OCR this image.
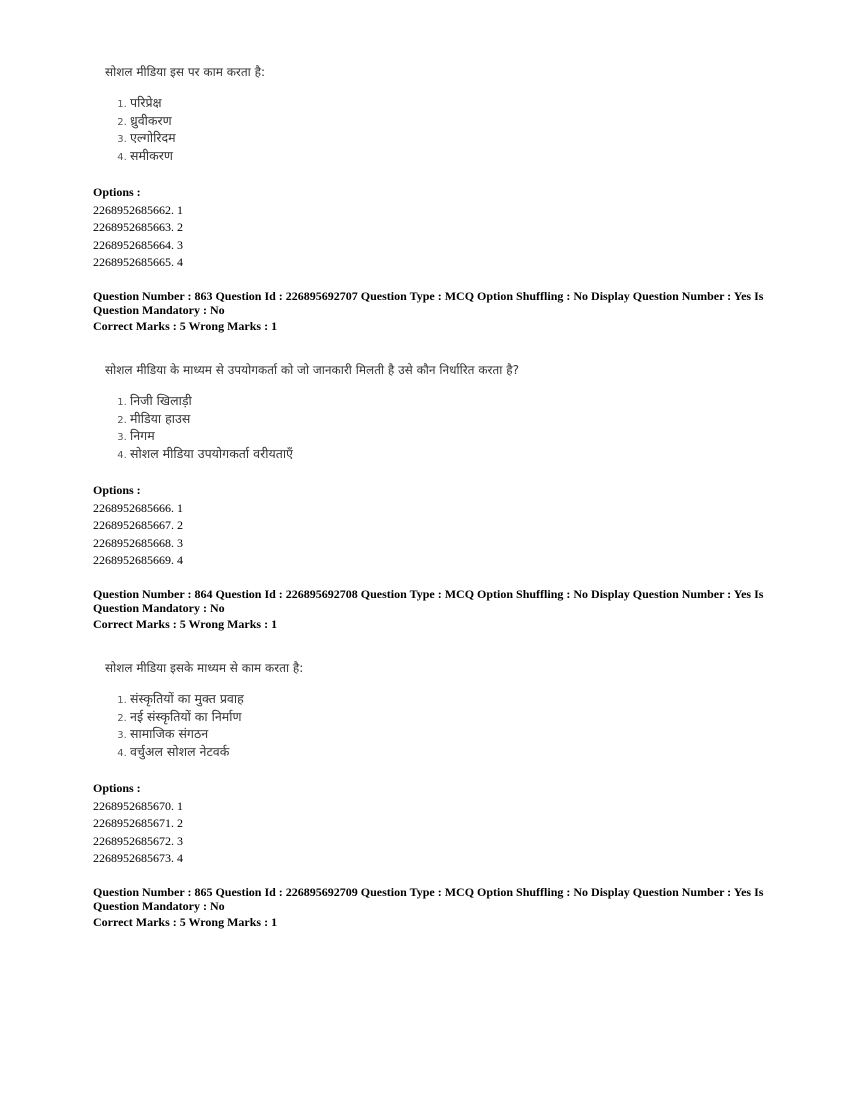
सोशल मीडिया इस पर काम करता है:

1. परिप्रेक्ष
2. ध्रुवीकरण
3. एल्गोरिदम
4. समीकरण
Options :
2268952685662. 1
2268952685663. 2
2268952685664. 3
2268952685665. 4
Question Number : 863 Question Id : 226895692707 Question Type : MCQ Option Shuffling : No Display Question Number : Yes Is Question Mandatory : No
Correct Marks : 5 Wrong Marks : 1

सोशल मीडिया के माध्यम से उपयोगकर्ता को जो जानकारी मिलती है उसे कौन निर्धारित करता है?

1. निजी खिलाड़ी
2. मीडिया हाउस
3. निगम
4. सोशल मीडिया उपयोगकर्ता वरीयताएँ
Options :
2268952685666. 1
2268952685667. 2
2268952685668. 3
2268952685669. 4
Question Number : 864 Question Id : 226895692708 Question Type : MCQ Option Shuffling : No Display Question Number : Yes Is Question Mandatory : No
Correct Marks : 5 Wrong Marks : 1

सोशल मीडिया इसके माध्यम से काम करता है:

1. संस्कृतियों का मुक्त प्रवाह
2. नई संस्कृतियों का निर्माण
3. सामाजिक संगठन
4. वर्चुअल सोशल नेटवर्क
Options :
2268952685670. 1
2268952685671. 2
2268952685672. 3
2268952685673. 4
Question Number : 865 Question Id : 226895692709 Question Type : MCQ Option Shuffling : No Display Question Number : Yes Is Question Mandatory : No
Correct Marks : 5 Wrong Marks : 1
